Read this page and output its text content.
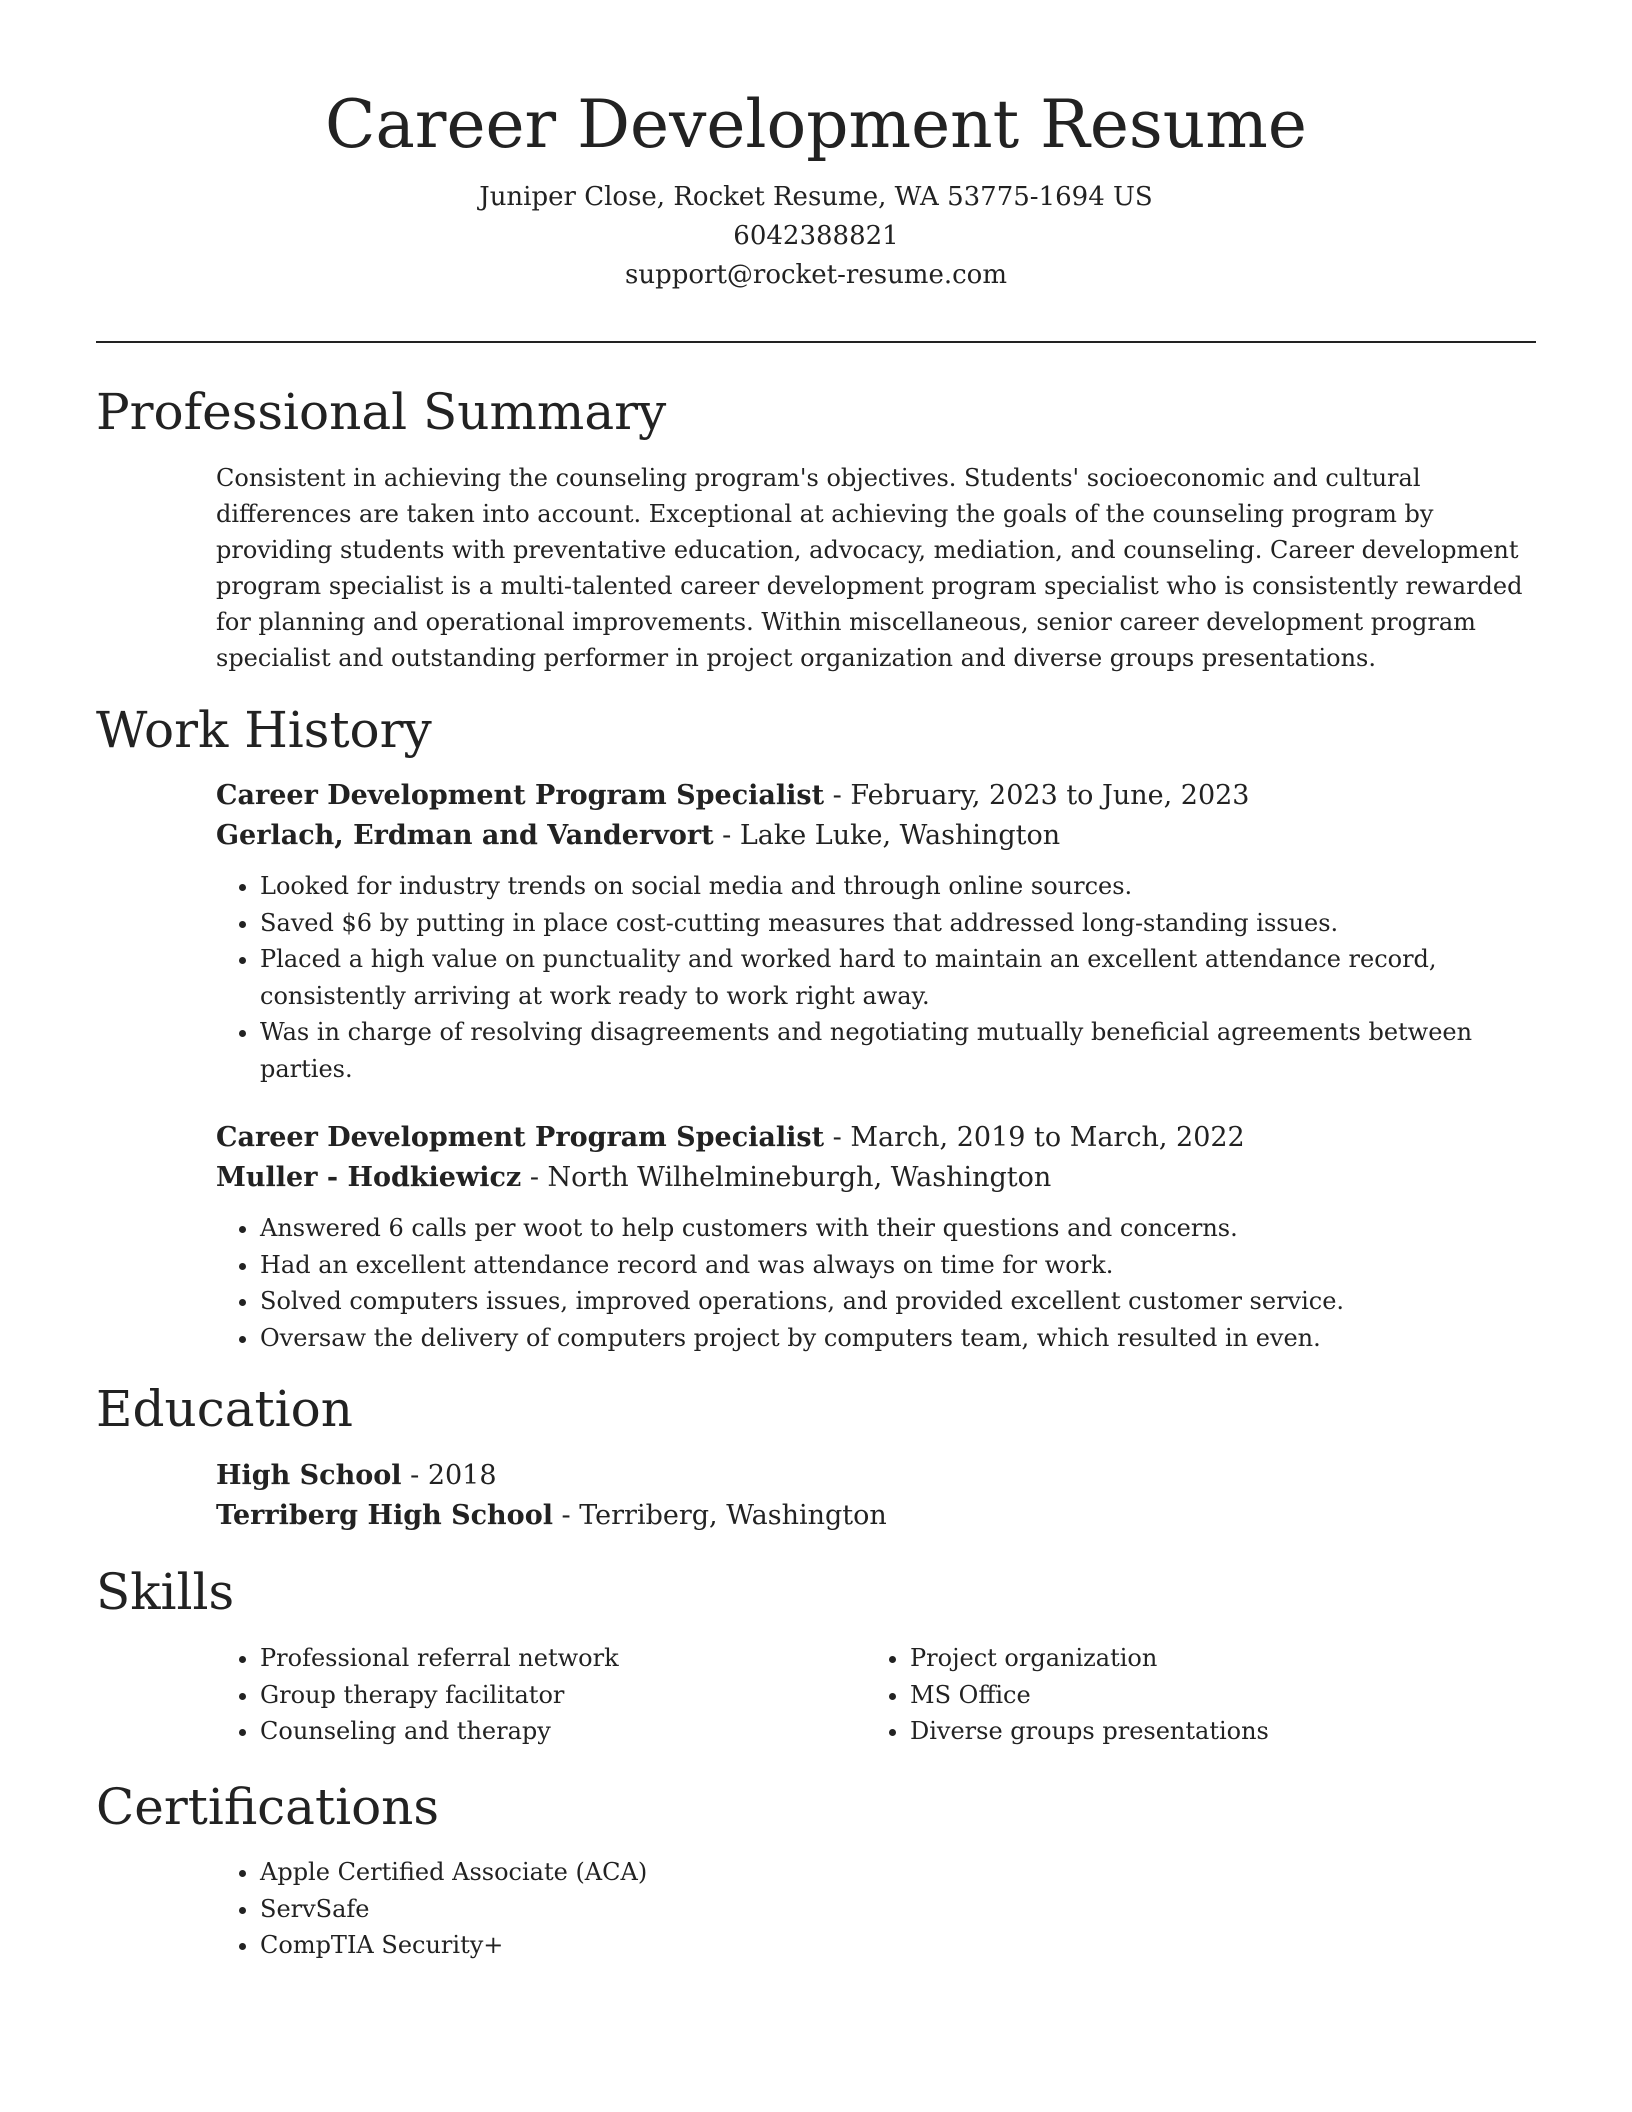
Career Development Resume
Juniper Close, Rocket Resume, WA 53775-1694 US
6042388821
support@rocket-resume.com
Professional Summary

Consistent in achieving the counseling program's objectives. Students' socioeconomic and cultural differences are taken into account. Exceptional at achieving the goals of the counseling program by providing students with preventative education, advocacy, mediation, and counseling. Career development program specialist is a multi-talented career development program specialist who is consistently rewarded for planning and operational improvements. Within miscellaneous, senior career development program specialist and outstanding performer in project organization and diverse groups presentations.

Work History
Career Development Program Specialist - February, 2023 to June, 2023
Gerlach, Erdman and Vandervort - Lake Luke, Washington
• Looked for industry trends on social media and through online sources.
• Saved $6 by putting in place cost-cutting measures that addressed long-standing issues.
• Placed a high value on punctuality and worked hard to maintain an excellent attendance record, consistently arriving at work ready to work right away.
• Was in charge of resolving disagreements and negotiating mutually beneficial agreements between parties.
Career Development Program Specialist - March, 2019 to March, 2022
Muller - Hodkiewicz - North Wilhelmineburgh, Washington
• Answered 6 calls per woot to help customers with their questions and concerns.
• Had an excellent attendance record and was always on time for work.
• Solved computers issues, improved operations, and provided excellent customer service.
• Oversaw the delivery of computers project by computers team, which resulted in even.
Education
High School - 2018
Terriberg High School - Terriberg, Washington
Skills
• Professional referral network
• Group therapy facilitator
• Counseling and therapy
• Project organization
• MS Office
• Diverse groups presentations
Certifications
• Apple Certified Associate (ACA)
• ServSafe
• CompTIA Security+
